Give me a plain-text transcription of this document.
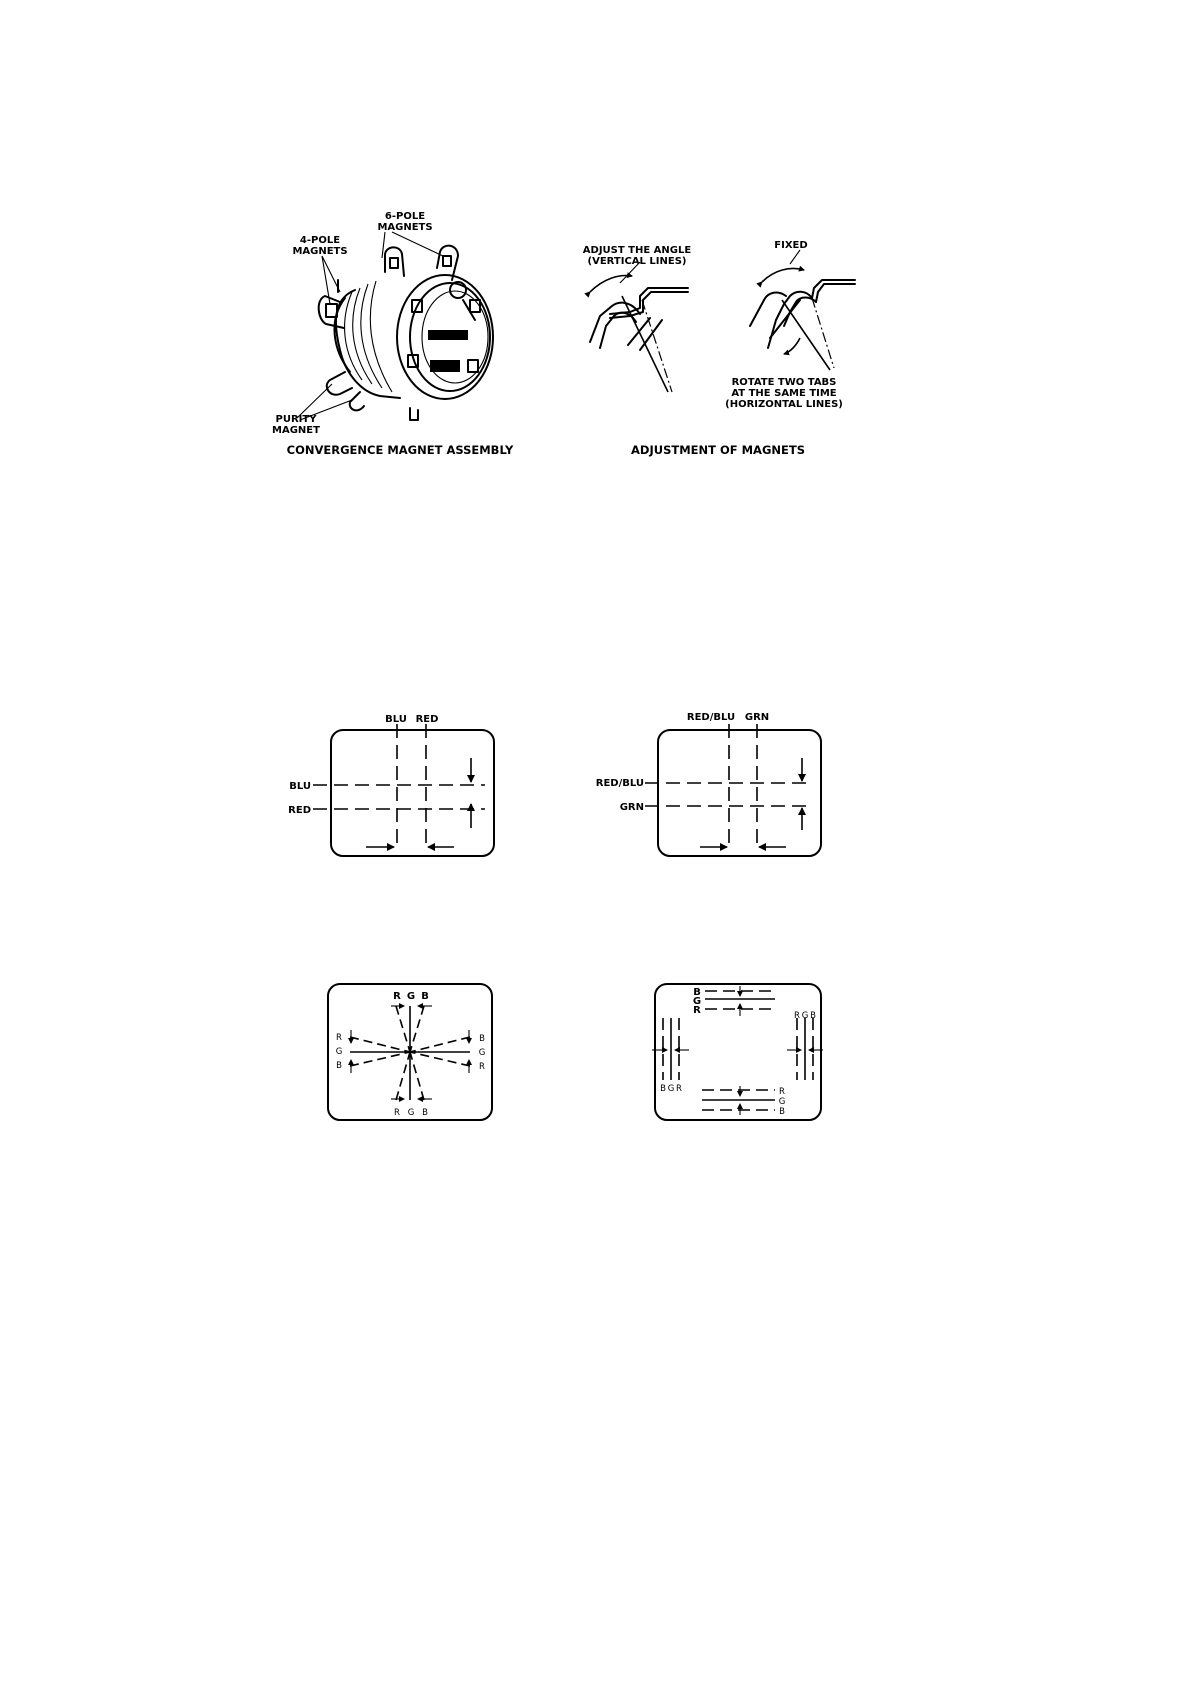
6-POLE
MAGNETS
4-POLE
MAGNETS
PURITY
MAGNET
CONVERGENCE MAGNET ASSEMBLY
ADJUST THE ANGLE
(VERTICAL LINES)
FIXED
ROTATE TWO TABS
AT THE SAME TIME
(HORIZONTAL LINES)
ADJUSTMENT OF MAGNETS
BLU RED
BLU
RED
RED/BLU GRN
RED/BLU
GRN
R G B
R
G
B
B
G
R
R G B
B
G
R	R G B
B G R	R
G
B
